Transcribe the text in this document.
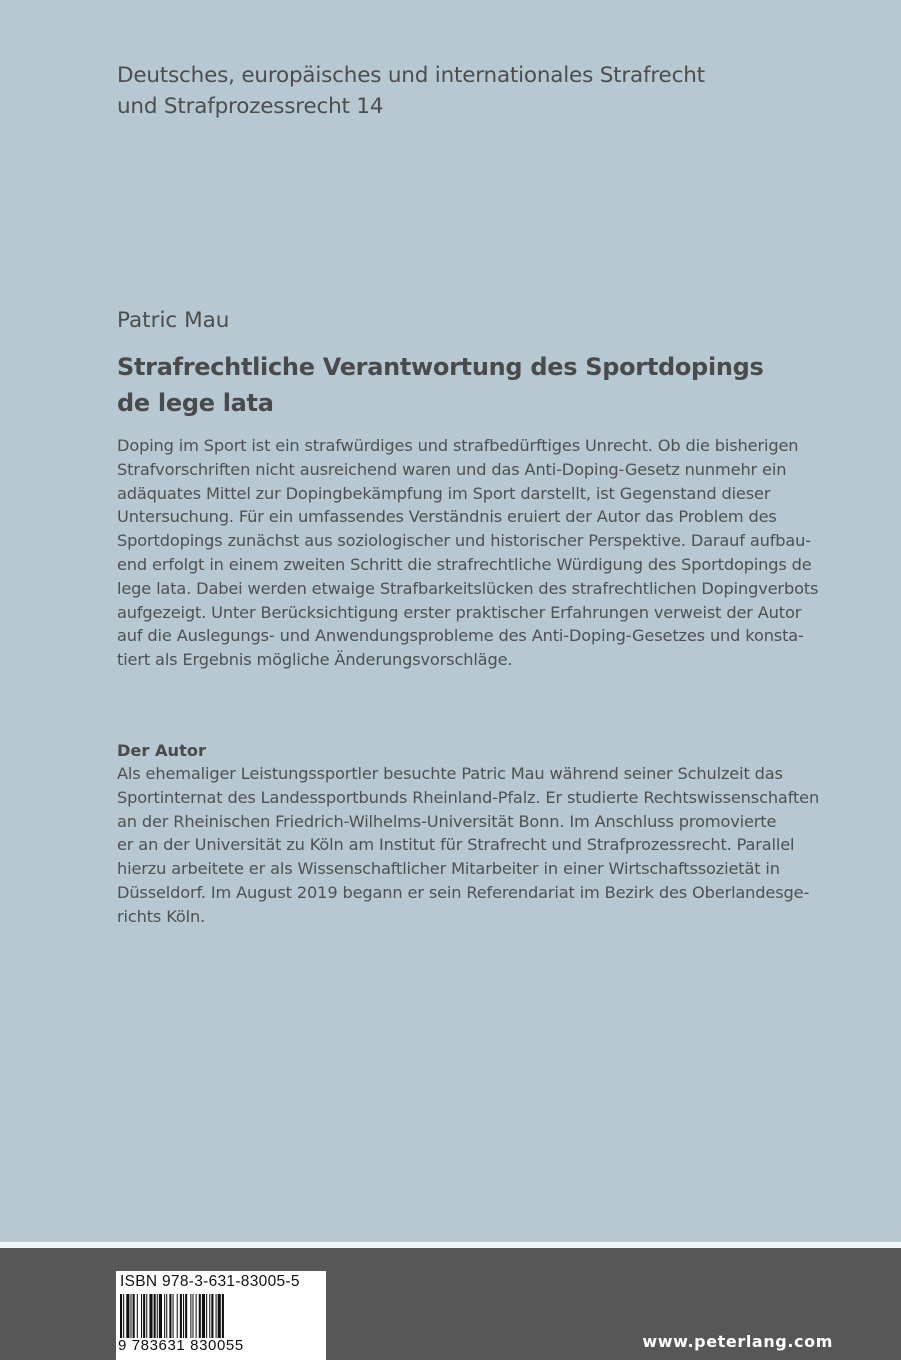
Deutsches, europäisches und internationales Strafrecht
und Strafprozessrecht 14
Patric Mau
Strafrechtliche Verantwortung des Sportdopings
de lege lata
Doping im Sport ist ein strafwürdiges und strafbedürftiges Unrecht. Ob die bisherigen
Strafvorschriften nicht ausreichend waren und das Anti-Doping-Gesetz nunmehr ein
adäquates Mittel zur Dopingbekämpfung im Sport darstellt, ist Gegenstand dieser
Untersuchung. Für ein umfassendes Verständnis eruiert der Autor das Problem des
Sportdopings zunächst aus soziologischer und historischer Perspektive. Darauf aufbau-
end erfolgt in einem zweiten Schritt die strafrechtliche Würdigung des Sportdopings de
lege lata. Dabei werden etwaige Strafbarkeitslücken des strafrechtlichen Dopingverbots
aufgezeigt. Unter Berücksichtigung erster praktischer Erfahrungen verweist der Autor
auf die Auslegungs- und Anwendungsprobleme des Anti-Doping-Gesetzes und konsta-
tiert als Ergebnis mögliche Änderungsvorschläge.
Der Autor
Als ehemaliger Leistungssportler besuchte Patric Mau während seiner Schulzeit das
Sportinternat des Landessportbunds Rheinland-Pfalz. Er studierte Rechtswissenschaften
an der Rheinischen Friedrich-Wilhelms-Universität Bonn. Im Anschluss promovierte
er an der Universität zu Köln am Institut für Strafrecht und Strafprozessrecht. Parallel
hierzu arbeitete er als Wissenschaftlicher Mitarbeiter in einer Wirtschaftssozietät in
Düsseldorf. Im August 2019 begann er sein Referendariat im Bezirk des Oberlandesge-
richts Köln.
ISBN 978-3-631-83005-5
9 783631 830055	www.peterlang.com
